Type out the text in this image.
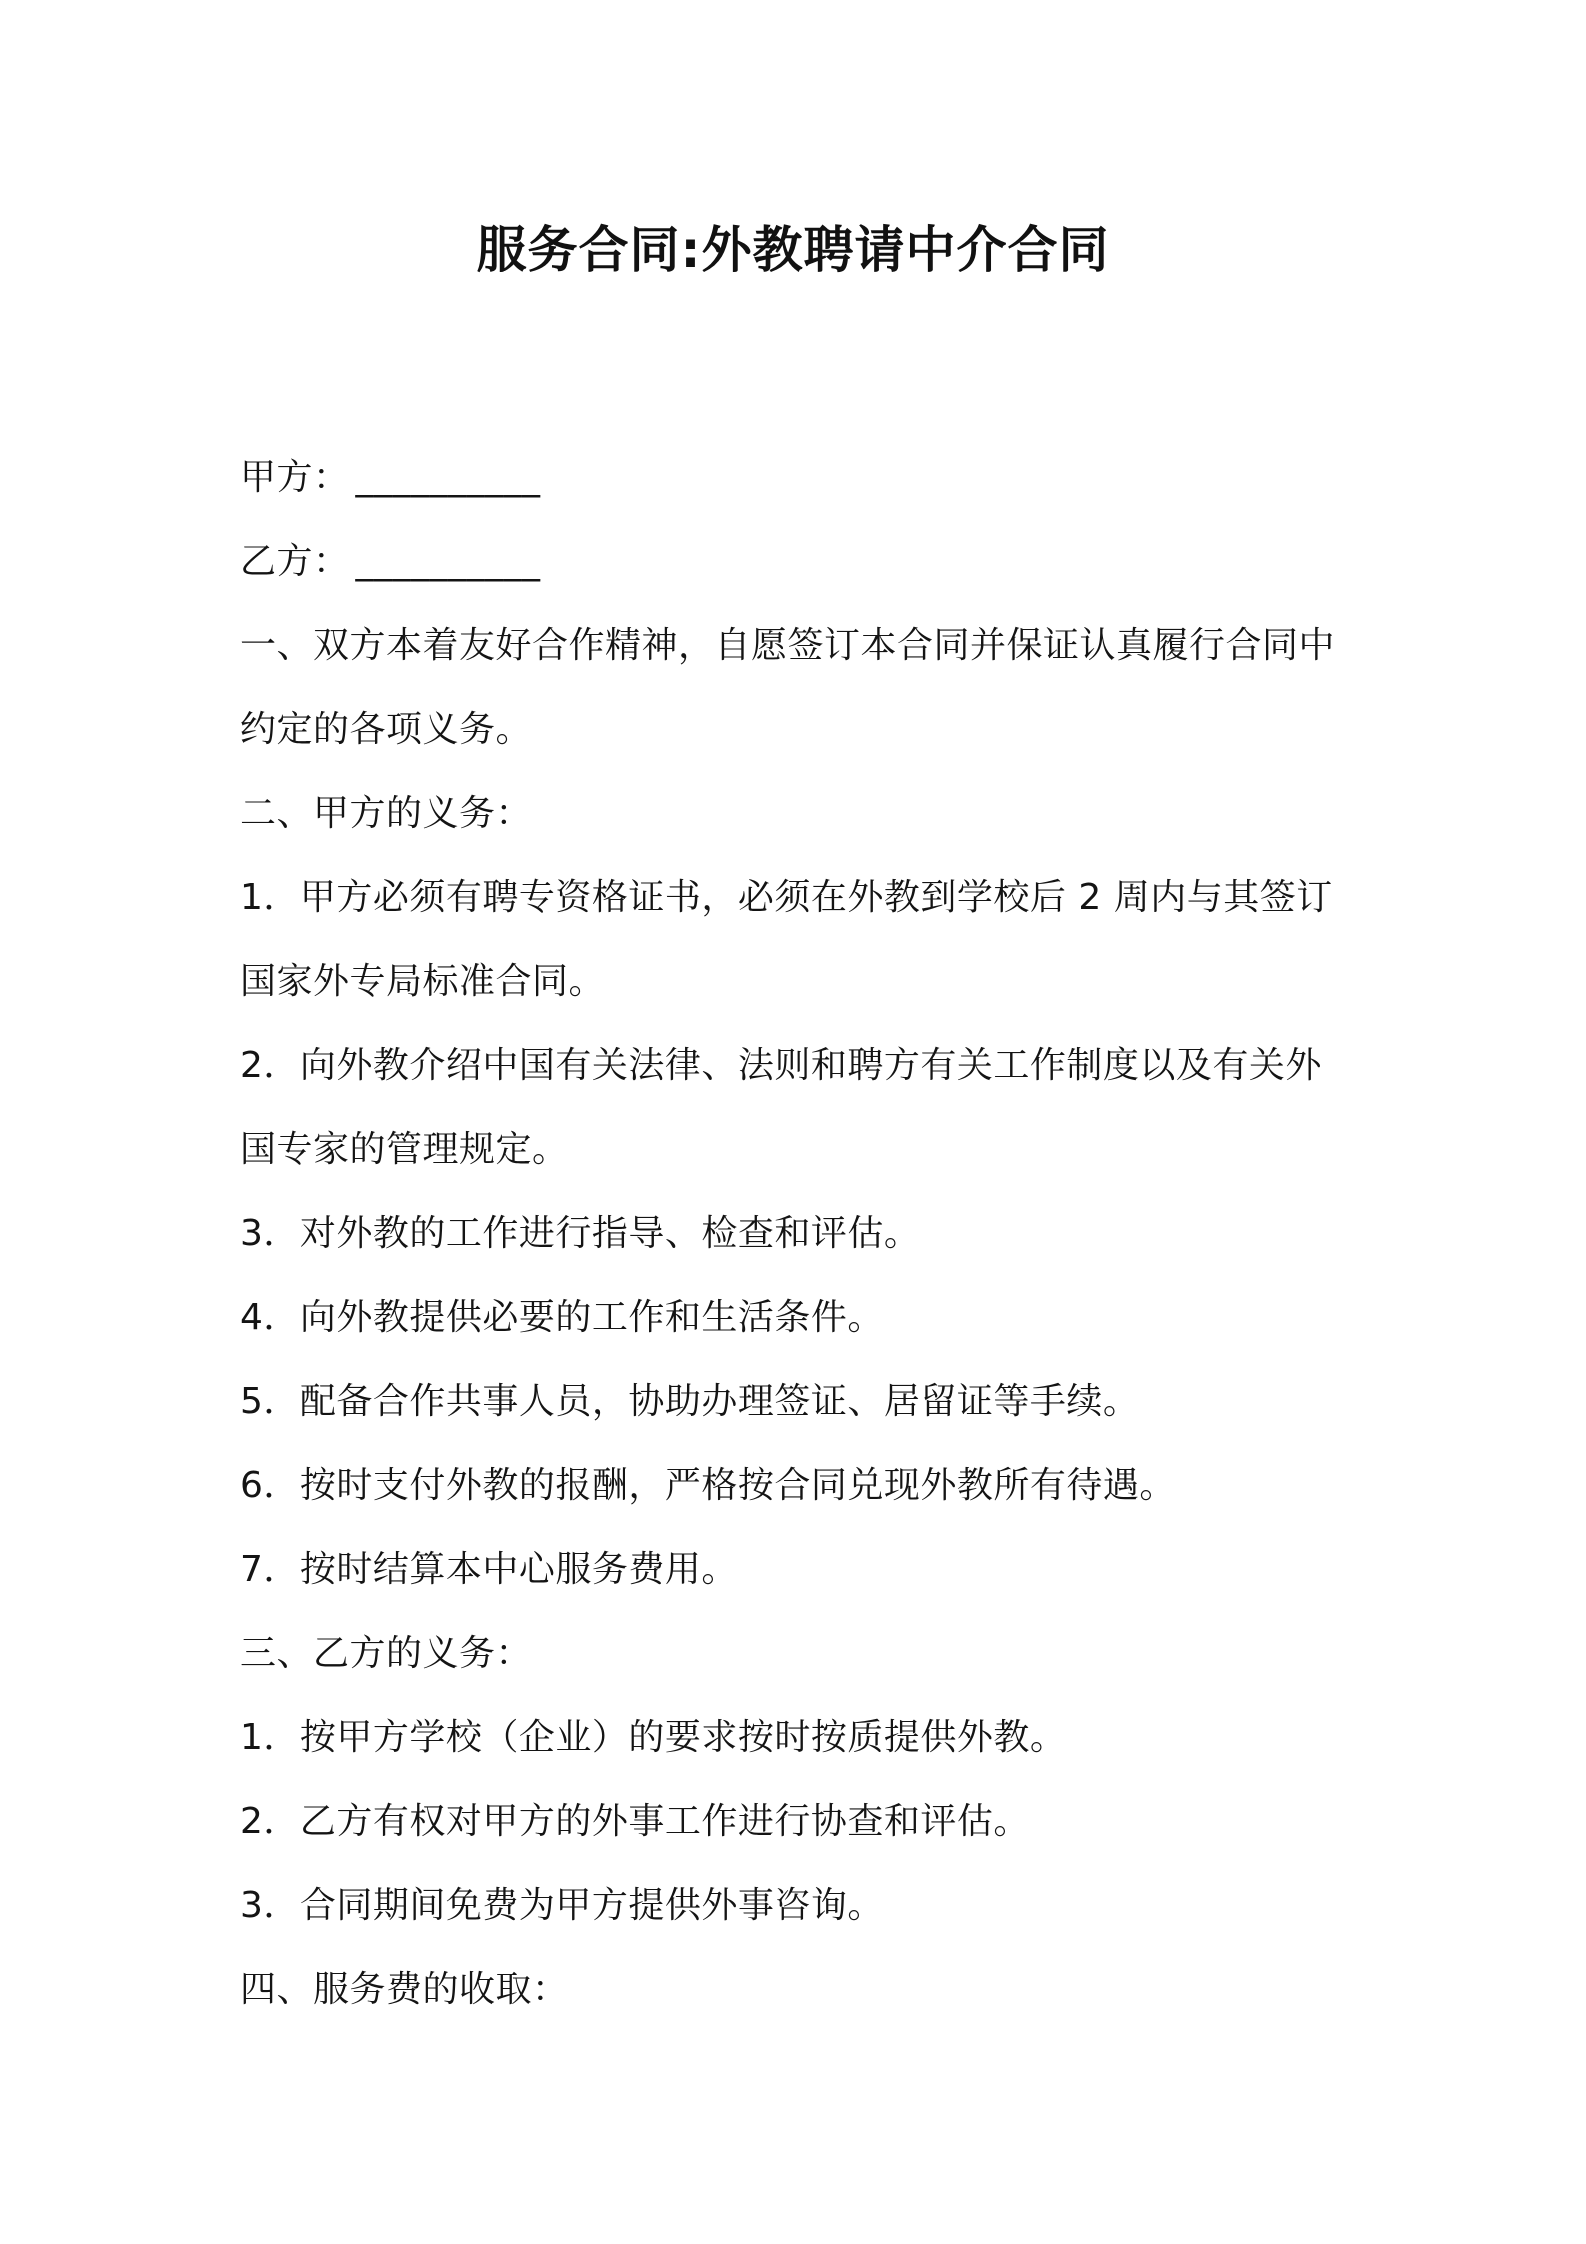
服务合同:外教聘请中介合同
甲方： __________
乙方： __________
一、双方本着友好合作精神，自愿签订本合同并保证认真履行合同中
约定的各项义务。
二、甲方的义务：
1．甲方必须有聘专资格证书，必须在外教到学校后 2 周内与其签订
国家外专局标准合同。
2．向外教介绍中国有关法律、法则和聘方有关工作制度以及有关外
国专家的管理规定。
3．对外教的工作进行指导、检查和评估。
4．向外教提供必要的工作和生活条件。
5．配备合作共事人员，协助办理签证、居留证等手续。
6．按时支付外教的报酬，严格按合同兑现外教所有待遇。
7．按时结算本中心服务费用。
三、乙方的义务：
1．按甲方学校（企业）的要求按时按质提供外教。
2．乙方有权对甲方的外事工作进行协查和评估。
3．合同期间免费为甲方提供外事咨询。
四、服务费的收取：
